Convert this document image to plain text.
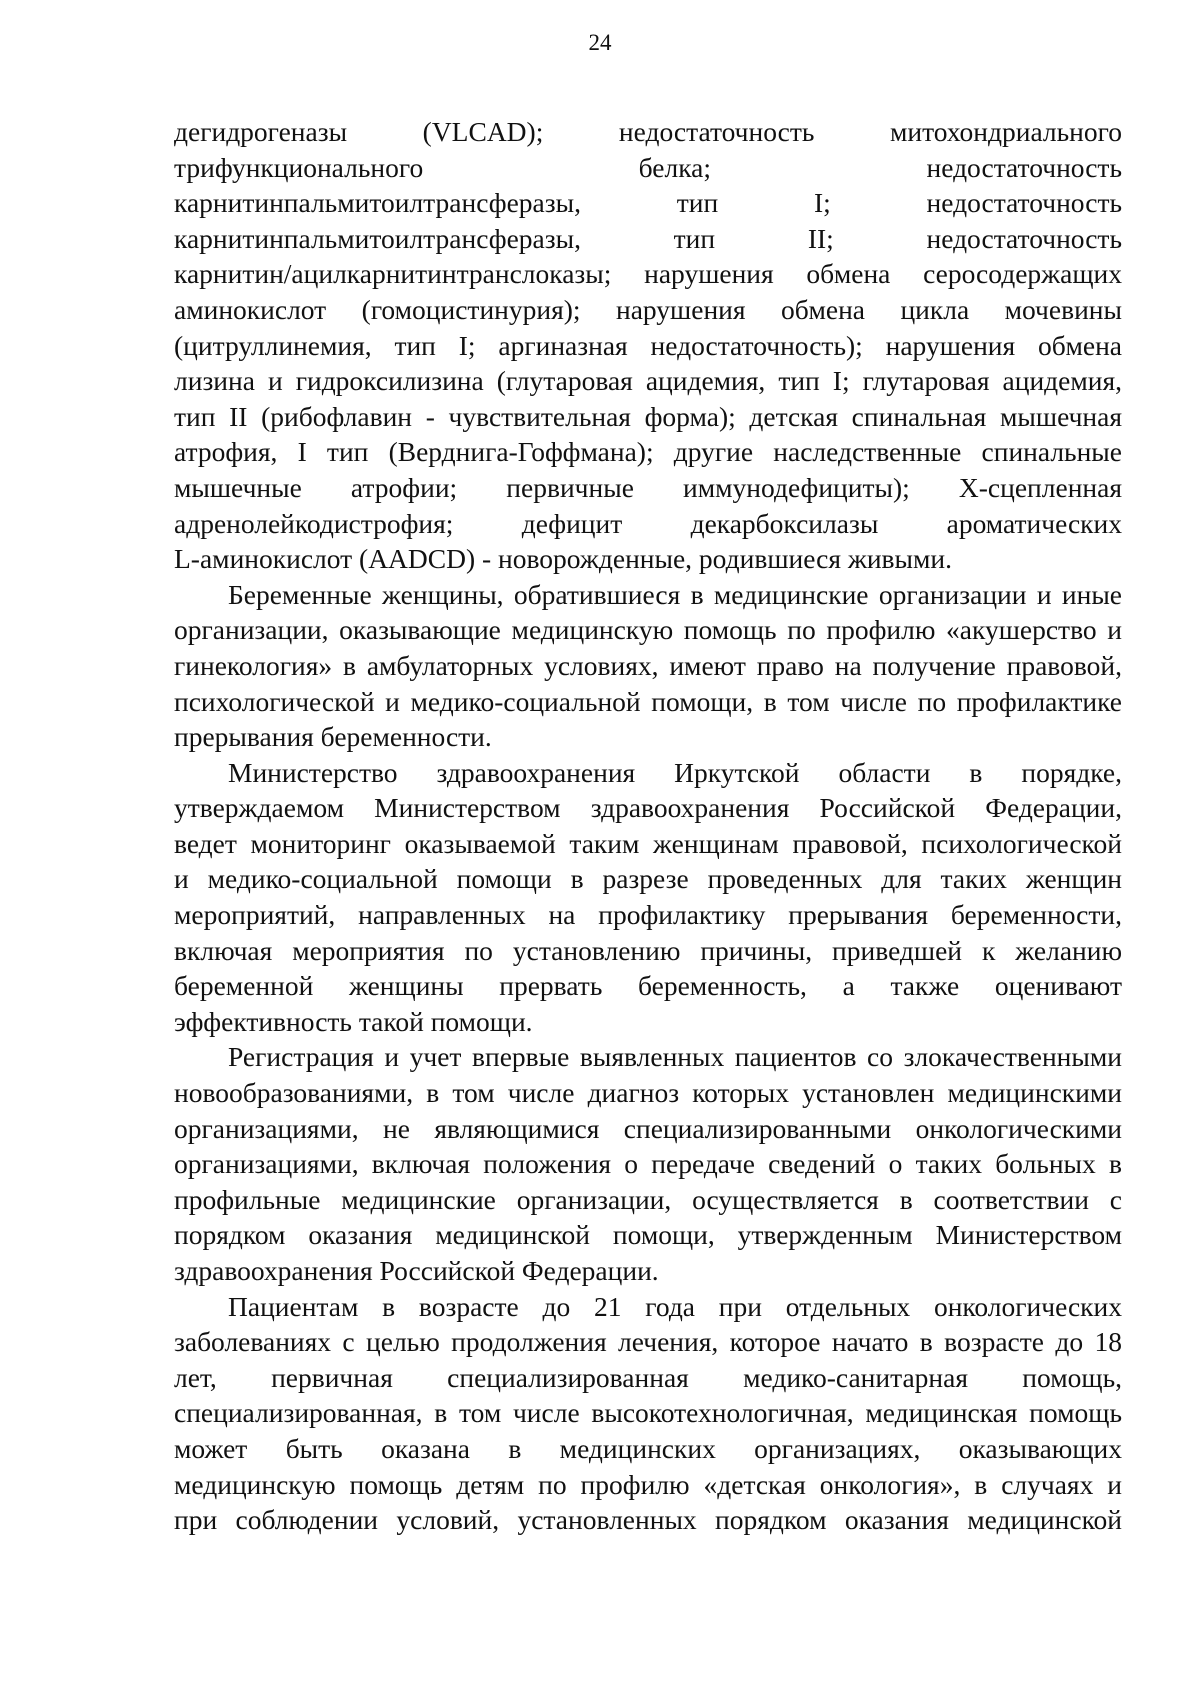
24

дегидрогеназы (VLCAD); недостаточность митохондриального
трифункционального белка; недостаточность
карнитинпальмитоилтрансферазы, тип I; недостаточность
карнитинпальмитоилтрансферазы, тип II; недостаточность
карнитин/ацилкарнитинтранслоказы; нарушения обмена серосодержащих
аминокислот (гомоцистинурия); нарушения обмена цикла мочевины
(цитруллинемия, тип I; аргиназная недостаточность); нарушения обмена
лизина и гидроксилизина (глутаровая ацидемия, тип I; глутаровая ацидемия,
тип II (рибофлавин - чувствительная форма); детская спинальная мышечная
атрофия, I тип (Верднига-Гоффмана); другие наследственные спинальные
мышечные атрофии; первичные иммунодефициты); Х-сцепленная
адренолейкодистрофия; дефицит декарбоксилазы ароматических
L-аминокислот (AADCD) - новорожденные, родившиеся живыми.

Беременные женщины, обратившиеся в медицинские организации и иные
организации, оказывающие медицинскую помощь по профилю «акушерство и
гинекология» в амбулаторных условиях, имеют право на получение правовой,
психологической и медико-социальной помощи, в том числе по профилактике
прерывания беременности.

Министерство здравоохранения Иркутской области в порядке,
утверждаемом Министерством здравоохранения Российской Федерации,
ведет мониторинг оказываемой таким женщинам правовой, психологической
и медико-социальной помощи в разрезе проведенных для таких женщин
мероприятий, направленных на профилактику прерывания беременности,
включая мероприятия по установлению причины, приведшей к желанию
беременной женщины прервать беременность, а также оценивают
эффективность такой помощи.

Регистрация и учет впервые выявленных пациентов со злокачественными
новообразованиями, в том числе диагноз которых установлен медицинскими
организациями, не являющимися специализированными онкологическими
организациями, включая положения о передаче сведений о таких больных в
профильные медицинские организации, осуществляется в соответствии с
порядком оказания медицинской помощи, утвержденным Министерством
здравоохранения Российской Федерации.

Пациентам в возрасте до 21 года при отдельных онкологических
заболеваниях с целью продолжения лечения, которое начато в возрасте до 18
лет, первичная специализированная медико-санитарная помощь,
специализированная, в том числе высокотехнологичная, медицинская помощь
может быть оказана в медицинских организациях, оказывающих
медицинскую помощь детям по профилю «детская онкология», в случаях и
при соблюдении условий, установленных порядком оказания медицинской
